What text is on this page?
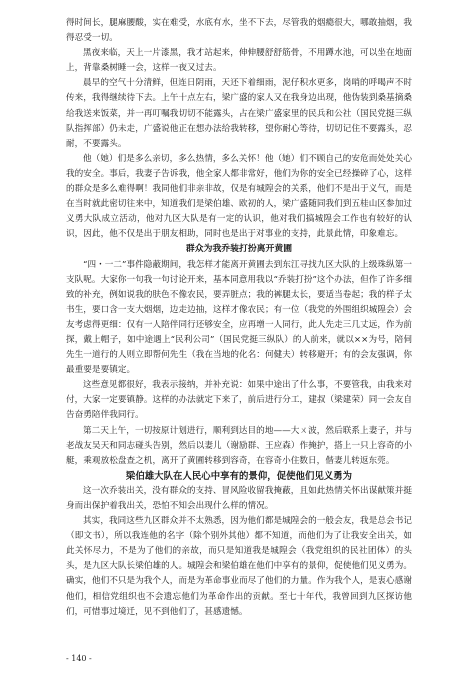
得时间长，腿麻腰酸，实在难受，水底有水，坐不下去，尽管我的烟瘾很大，哪敢抽烟，我得忍受一切。

黑夜来临，天上一片漆黑，我才站起来，伸伸腰舒舒筋骨，不用蹲水池，可以坐在地面上，背靠桑树睡一会，这样一夜又过去。

晨早的空气十分清鲜，但连日阴雨，天还下着细雨，泥仔积水更多，岗哨的呼喝声不时传来，我得继续待下去。上午十点左右，梁广盛的家人又在我身边出现，他伪装到桑基摘桑给我送来饭菜，并一再叮嘱我切切不能露头，占在梁广盛家里的民兵和公社（国民党挺三纵队指挥部）仍未走，广盛说他正在想办法给我转移，望你耐心等待，切切记住不要露头，忍耐，不要露头。

他（她）们是多么亲切，多么热情，多么关怀！他（她）们不顾自己的安危而处处关心我的安全。事后，我妻子告诉我，他全家人都非常好，他们为你的安全已经操碎了心，这样的群众是多么难得啊！我同他们非亲非故，仅是有城隍会的关系，他们不是出于义气，而是在当时就此密切往来中，知道我们是梁伯雄、欧初的人，梁广盛随同我们到五桂山区参加过义勇大队成立活动，他对九区大队是有一定的认识，他对我们搞城隍会工作也有较好的认识，因此，他不仅是出于朋友相助，同时也是出于对事业的支持，此景此情，印象难忘。

群众为我乔装打扮离开黄圃

“四・一二”事件隐蔽期间，我怎样才能离开黄圃去到东江寻找九区大队的上级珠纵第一支队呢。大家你一句我一句讨论开来，基本同意用我以“乔装打扮”这个办法，但作了许多细致的补充，例如说我的肤色不像农民，要弄脏点；我的裤腿太长，要适当卷起；我的样子太书生，要口含一支大烟烟，边走边抽，这样才像农民；有一位（我党的外围组织城隍会）会友考虑得更细：仅有一人陪伴同行还够安全，应再增一人同行，此人先走三几丈远，作为前探，戴上帽子，如中途遇上“民利公司”（国民党挺三纵队）的人前来，就以××为号，陪伺先生一道行的人则立即帮何先生（我在当地的化名：何健夫）转移避开；有的会友强调，你最重要是要镇定。

这些意见都很好，我表示接纳，并补充说：如果中途出了什么事，不要管我，由我来对付，大家一定要镇静。这样的办法就定下来了，前后进行分工，建叔（梁建荣）同一会友自告奋勇陪伴我同行。

第二天上午，一切按原计划进行，顺利到达目的地——大ㄨ波，然后联系上妻子，并与老战友吴天和同志碰头告别，然后以妻儿（谢励群、王应森）作掩护，搭上一只上容奇的小艇，乘观放松盘查之机，离开了黄圃转移到容奇，在容奇小住数日，偕妻儿转返东莞。

梁伯雄大队在人民心中享有的景仰，促使他们见义勇为

这一次乔装出关，没有群众的支持、冒风险收留我掩蔽，且如此热情关怀出谋献策并挺身而出保护着我出关，恐怕不知会出现什么样的情况。

其实，我同这些九区群众并不太熟悉，因为他们都是城隍会的一般会友，我是总会书记（即文书），所以我连他的名字（除个别外其他）都不知道，而他们为了让我安全出关，如此关怀尽力，不是为了他们的亲故，而只是知道我是城隍会（我党组织的民社团体）的头头，是九区大队长梁伯雄的人。城隍会和梁伯雄在他们中享有的景仰，促使他们见义勇为。确实，他们不只是为我个人，而是为革命事业而尽了他们的力量。作为我个人，是衷心感谢他们，相信党组织也不会遗忘他们为革命作出的贡献。至七十年代，我曾回到九区探访他们，可惜事过境迁，见不到他们了，甚感遗憾。

- 140 -
